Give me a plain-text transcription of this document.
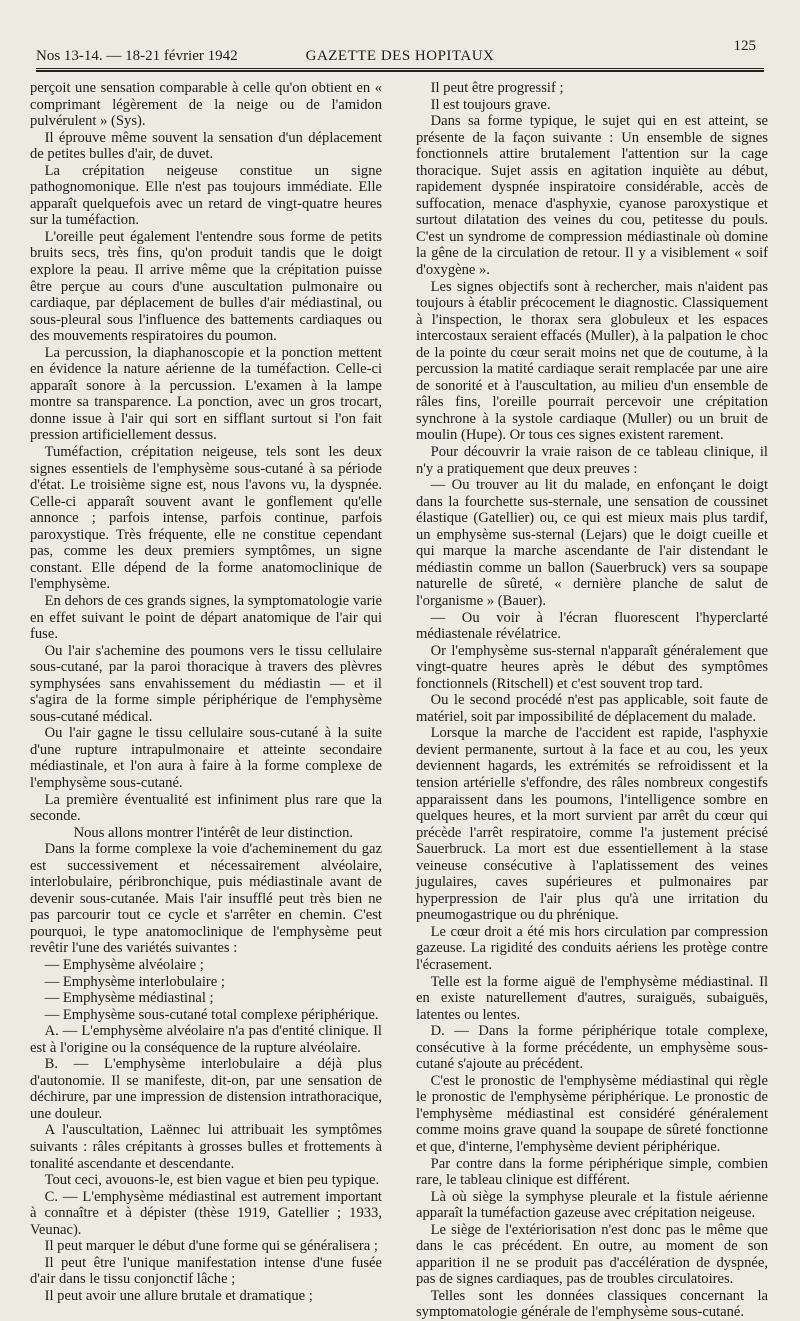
Nos 13-14. — 18-21 février 1942	GAZETTE DES HOPITAUX
125

perçoit une sensation comparable à celle qu'on obtient en « comprimant légèrement de la neige ou de l'amidon pulvérulent » (Sys).

Il éprouve même souvent la sensation d'un déplacement de petites bulles d'air, de duvet.

La crépitation neigeuse constitue un signe pathognomonique. Elle n'est pas toujours immédiate. Elle apparaît quelquefois avec un retard de vingt-quatre heures sur la tuméfaction.

L'oreille peut également l'entendre sous forme de petits bruits secs, très fins, qu'on produit tandis que le doigt explore la peau. Il arrive même que la crépitation puisse être perçue au cours d'une auscultation pulmonaire ou cardiaque, par déplacement de bulles d'air médiastinal, ou sous-pleural sous l'influence des battements cardiaques ou des mouvements respiratoires du poumon.

La percussion, la diaphanoscopie et la ponction mettent en évidence la nature aérienne de la tuméfaction. Celle-ci apparaît sonore à la percussion. L'examen à la lampe montre sa transparence. La ponction, avec un gros trocart, donne issue à l'air qui sort en sifflant surtout si l'on fait pression artificiellement dessus.

Tuméfaction, crépitation neigeuse, tels sont les deux signes essentiels de l'emphysème sous-cutané à sa période d'état. Le troisième signe est, nous l'avons vu, la dyspnée. Celle-ci apparaît souvent avant le gonflement qu'elle annonce ; parfois intense, parfois continue, parfois paroxystique. Très fréquente, elle ne constitue cependant pas, comme les deux premiers symptômes, un signe constant. Elle dépend de la forme anatomoclinique de l'emphysème.

En dehors de ces grands signes, la symptomatologie varie en effet suivant le point de départ anatomique de l'air qui fuse.

Ou l'air s'achemine des poumons vers le tissu cellulaire sous-cutané, par la paroi thoracique à travers des plèvres symphysées sans envahissement du médiastin — et il s'agira de la forme simple périphérique de l'emphysème sous-cutané médical.

Ou l'air gagne le tissu cellulaire sous-cutané à la suite d'une rupture intrapulmonaire et atteinte secondaire médiastinale, et l'on aura à faire à la forme complexe de l'emphysème sous-cutané.

La première éventualité est infiniment plus rare que la seconde.

Nous allons montrer l'intérêt de leur distinction.

Dans la forme complexe la voie d'acheminement du gaz est successivement et nécessairement alvéolaire, interlobulaire, péribronchique, puis médiastinale avant de devenir sous-cutanée. Mais l'air insufflé peut très bien ne pas parcourir tout ce cycle et s'arrêter en chemin. C'est pourquoi, le type anatomoclinique de l'emphysème peut revêtir l'une des variétés suivantes :

— Emphysème alvéolaire ;

— Emphysème interlobulaire ;

— Emphysème médiastinal ;

— Emphysème sous-cutané total complexe périphérique.

A. — L'emphysème alvéolaire n'a pas d'entité clinique. Il est à l'origine ou la conséquence de la rupture alvéolaire.

B. — L'emphysème interlobulaire a déjà plus d'autonomie. Il se manifeste, dit-on, par une sensation de déchirure, par une impression de distension intrathoracique, une douleur.

A l'auscultation, Laënnec lui attribuait les symptômes suivants : râles crépitants à grosses bulles et frottements à tonalité ascendante et descendante.

Tout ceci, avouons-le, est bien vague et bien peu typique.

C. — L'emphysème médiastinal est autrement important à connaître et à dépister (thèse 1919, Gatellier ; 1933, Veunac).

Il peut marquer le début d'une forme qui se généralisera ;

Il peut être l'unique manifestation intense d'une fusée d'air dans le tissu conjonctif lâche ;

Il peut avoir une allure brutale et dramatique ;

Il peut être progressif ;

Il est toujours grave.

Dans sa forme typique, le sujet qui en est atteint, se présente de la façon suivante : Un ensemble de signes fonctionnels attire brutalement l'attention sur la cage thoracique. Sujet assis en agitation inquiète au début, rapidement dyspnée inspiratoire considérable, accès de suffocation, menace d'asphyxie, cyanose paroxystique et surtout dilatation des veines du cou, petitesse du pouls. C'est un syndrome de compression médiastinale où domine la gêne de la circulation de retour. Il y a visiblement « soif d'oxygène ».

Les signes objectifs sont à rechercher, mais n'aident pas toujours à établir précocement le diagnostic. Classiquement à l'inspection, le thorax sera globuleux et les espaces intercostaux seraient effacés (Muller), à la palpation le choc de la pointe du cœur serait moins net que de coutume, à la percussion la matité cardiaque serait remplacée par une aire de sonorité et à l'auscultation, au milieu d'un ensemble de râles fins, l'oreille pourrait percevoir une crépitation synchrone à la systole cardiaque (Muller) ou un bruit de moulin (Hupe). Or tous ces signes existent rarement.

Pour découvrir la vraie raison de ce tableau clinique, il n'y a pratiquement que deux preuves :

— Ou trouver au lit du malade, en enfonçant le doigt dans la fourchette sus-sternale, une sensation de coussinet élastique (Gatellier) ou, ce qui est mieux mais plus tardif, un emphysème sus-sternal (Lejars) que le doigt cueille et qui marque la marche ascendante de l'air distendant le médiastin comme un ballon (Sauerbruck) vers sa soupape naturelle de sûreté, « dernière planche de salut de l'organisme » (Bauer).

— Ou voir à l'écran fluorescent l'hyperclarté médiastenale révélatrice.

Or l'emphysème sus-sternal n'apparaît généralement que vingt-quatre heures après le début des symptômes fonctionnels (Ritschell) et c'est souvent trop tard.

Ou le second procédé n'est pas applicable, soit faute de matériel, soit par impossibilité de déplacement du malade.

Lorsque la marche de l'accident est rapide, l'asphyxie devient permanente, surtout à la face et au cou, les yeux deviennent hagards, les extrémités se refroidissent et la tension artérielle s'effondre, des râles nombreux congestifs apparaissent dans les poumons, l'intelligence sombre en quelques heures, et la mort survient par arrêt du cœur qui précède l'arrêt respiratoire, comme l'a justement précisé Sauerbruck. La mort est due essentiellement à la stase veineuse consécutive à l'aplatissement des veines jugulaires, caves supérieures et pulmonaires par hyperpression de l'air plus qu'à une irritation du pneumogastrique ou du phrénique.

Le cœur droit a été mis hors circulation par compression gazeuse. La rigidité des conduits aériens les protège contre l'écrasement.

Telle est la forme aiguë de l'emphysème médiastinal. Il en existe naturellement d'autres, suraiguës, subaiguës, latentes ou lentes.

D. — Dans la forme périphérique totale complexe, consécutive à la forme précédente, un emphysème sous-cutané s'ajoute au précédent.

C'est le pronostic de l'emphysème médiastinal qui règle le pronostic de l'emphysème périphérique. Le pronostic de l'emphysème médiastinal est considéré généralement comme moins grave quand la soupape de sûreté fonctionne et que, d'interne, l'emphysème devient périphérique.

Par contre dans la forme périphérique simple, combien rare, le tableau clinique est différent.

Là où siège la symphyse pleurale et la fistule aérienne apparaît la tuméfaction gazeuse avec crépitation neigeuse.

Le siège de l'extériorisation n'est donc pas le même que dans le cas précédent. En outre, au moment de son apparition il ne se produit pas d'accélération de dyspnée, pas de signes cardiaques, pas de troubles circulatoires.

Telles sont les données classiques concernant la symptomatologie générale de l'emphysème sous-cutané.
